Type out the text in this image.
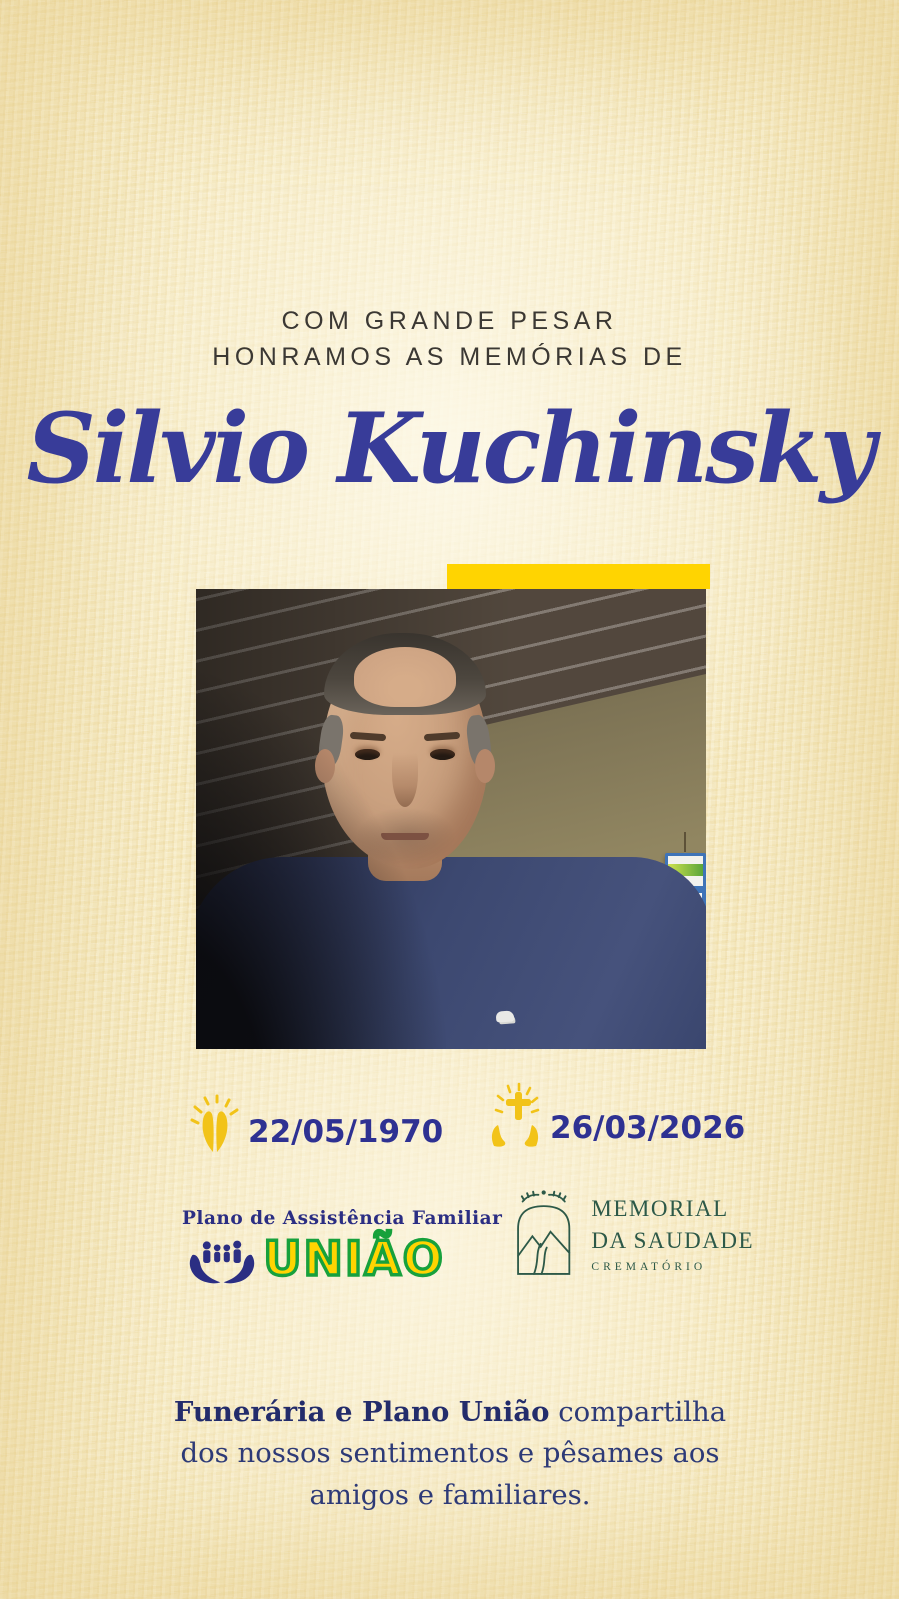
COM GRANDE PESAR
HONRAMOS AS MEMÓRIAS DE
Silvio Kuchinsky
22/05/1970	26/03/2026
Plano de Assistência Familiar
UNIÃO
MEMORIAL
DA SAUDADE
CREMATÓRIO

Funerária e Plano União compartilha dos nossos sentimentos e pêsames aos amigos e familiares.
